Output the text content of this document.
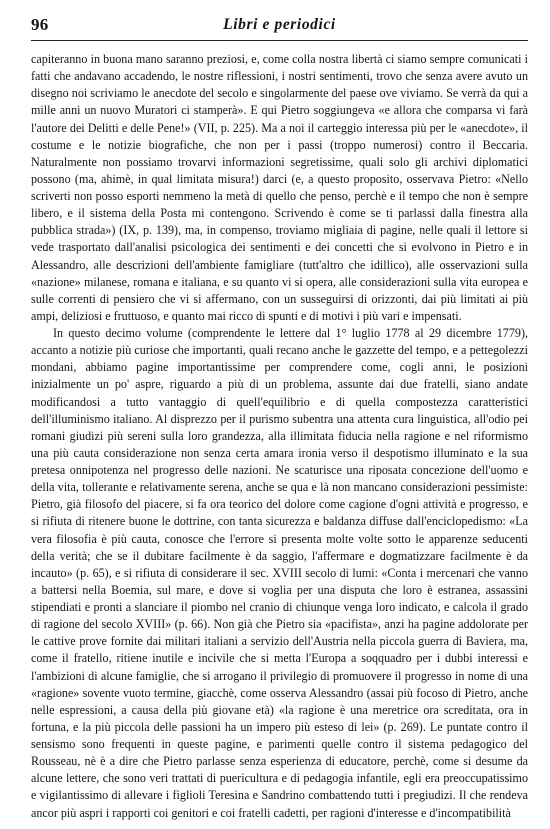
96	Libri e periodici

capiteranno in buona mano saranno preziosi, e, come colla nostra libertà ci siamo sempre comunicati i fatti che andavano accadendo, le nostre riflessioni, i nostri sentimenti, trovo che senza avere avuto un disegno noi scriviamo le anecdote del secolo e singolarmente del paese ove viviamo. Se verrà da qui a mille anni un nuovo Muratori ci stamperà». E qui Pietro soggiungeva «e allora che comparsa vi farà l'autore dei Delitti e delle Pene!» (VII, p. 225). Ma a noi il carteggio interessa più per le «anecdote», il costume e le notizie biografiche, che non per i passi (troppo numerosi) contro il Beccaria. Naturalmente non possiamo trovarvi informazioni segretissime, quali solo gli archivi diplomatici possono (ma, ahimè, in qual limitata misura!) darci (e, a questo proposito, osservava Pietro: «Nello scriverti non posso esporti nemmeno la metà di quello che penso, perchè e il tempo che non è sempre libero, e il sistema della Posta mi contengono. Scrivendo è come se ti parlassi dalla finestra alla pubblica strada») (IX, p. 139), ma, in compenso, troviamo migliaia di pagine, nelle quali il lettore si vede trasportato dall'analisi psicologica dei sentimenti e dei concetti che si evolvono in Pietro e in Alessandro, alle descrizioni dell'ambiente famigliare (tutt'altro che idillico), alle osservazioni sulla «nazione» milanese, romana e italiana, e su quanto vi si opera, alle considerazioni sulla vita europea e sulle correnti di pensiero che vi si affermano, con un susseguirsi di orizzonti, dai più limitati ai più ampi, deliziosi e fruttuoso, e quanto mai ricco di spunti e di motivi i più vari e impensati.

In questo decimo volume (comprendente le lettere dal 1° luglio 1778 al 29 dicembre 1779), accanto a notizie più curiose che importanti, quali recano anche le gazzette del tempo, e a pettegolezzi mondani, abbiamo pagine importantissime per comprendere come, cogli anni, le posizioni inizialmente un po' aspre, riguardo a più di un problema, assunte dai due fratelli, siano andate modificandosi a tutto vantaggio di quell'equilibrio e di quella compostezza caratteristici dell'illuminismo italiano. Al disprezzo per il purismo subentra una attenta cura linguistica, all'odio pei romani giudizi più sereni sulla loro grandezza, alla illimitata fiducia nella ragione e nel riformismo una più cauta considerazione non senza certa amara ironia verso il despotismo illuminato e la sua pretesa onnipotenza nel progresso delle nazioni. Ne scaturisce una riposata concezione dell'uomo e della vita, tollerante e relativamente serena, anche se qua e là non mancano considerazioni pessimiste: Pietro, già filosofo del piacere, si fa ora teorico del dolore come cagione d'ogni attività e progresso, e si rifiuta di ritenere buone le dottrine, con tanta sicurezza e baldanza diffuse dall'enciclopedismo: «La vera filosofia è più cauta, conosce che l'errore si presenta molte volte sotto le apparenze seducenti della verità; che se il dubitare facilmente è da saggio, l'affermare e dogmatizzare facilmente è da incauto» (p. 65), e si rifiuta di considerare il sec. XVIII secolo di lumi: «Conta i mercenari che vanno a battersi nella Boemia, sul mare, e dove si voglia per una disputa che loro è estranea, assassini stipendiati e pronti a slanciare il piombo nel cranio di chiunque venga loro indicato, e calcola il grado di ragione del secolo XVIII» (p. 66). Non già che Pietro sia «pacifista», anzi ha pagine addolorate per le cattive prove fornite dai militari italiani a servizio dell'Austria nella piccola guerra di Baviera, ma, come il fratello, ritiene inutile e incivile che si metta l'Europa a soqquadro per i dubbi interessi e l'ambizioni di alcune famiglie, che si arrogano il privilegio di promuovere il progresso in nome di una «ragione» sovente vuoto termine, giacchè, come osserva Alessandro (assai più focoso di Pietro, anche nelle espressioni, a causa della più giovane età) «la ragione è una meretrice ora screditata, ora in fortuna, e la più piccola delle passioni ha un impero più esteso di lei» (p. 269). Le puntate contro il sensismo sono frequenti in queste pagine, e parimenti quelle contro il sistema pedagogico del Rousseau, nè è a dire che Pietro parlasse senza esperienza di educatore, perchè, come si desume da alcune lettere, che sono veri trattati di puericultura e di pedagogia infantile, egli era preoccupatissimo e vigilantissimo di allevare i figlioli Teresina e Sandrino combattendo tutti i pregiudizi. Il che rendeva ancor più aspri i rapporti coi genitori e coi fratelli cadetti, per ragioni d'interesse e d'incompatibilità
